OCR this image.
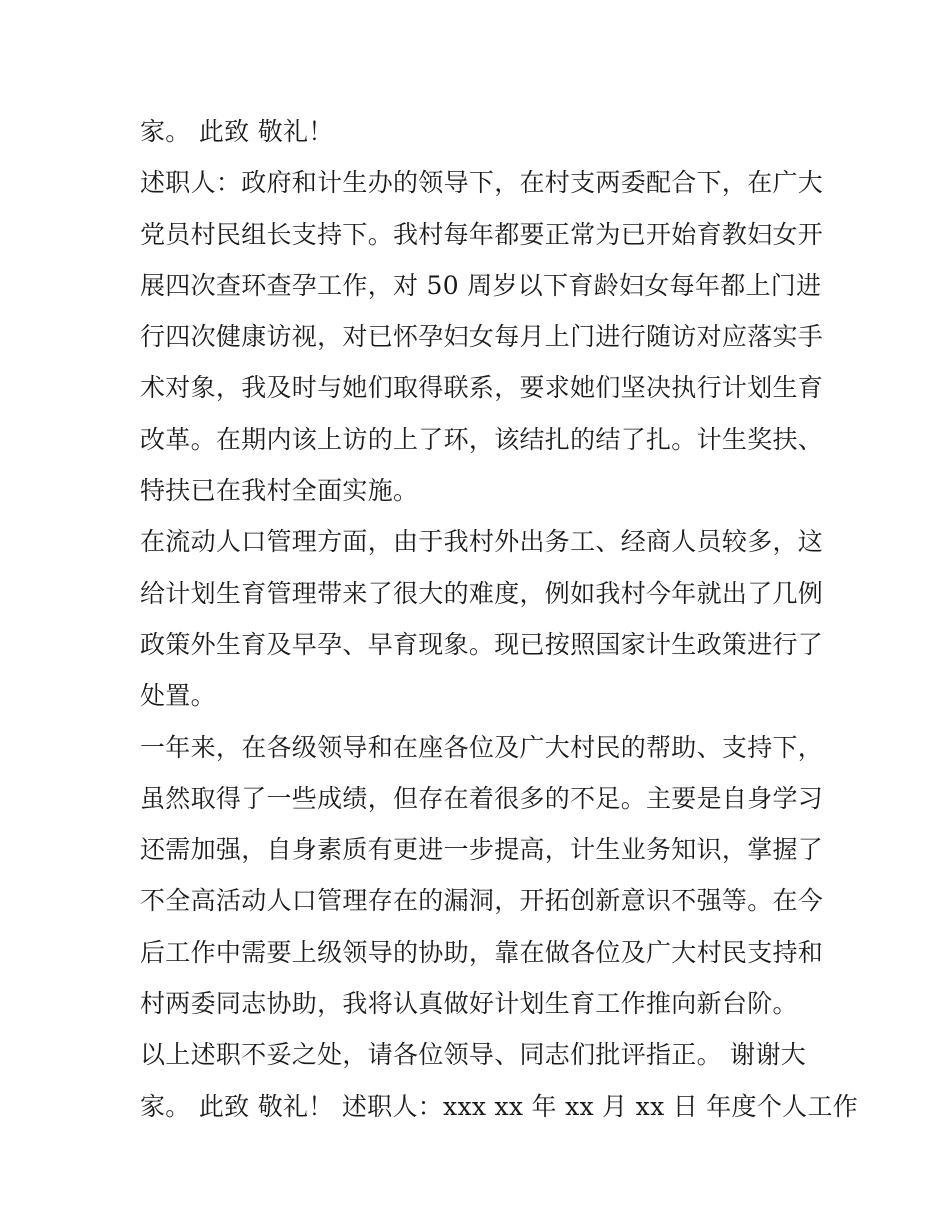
家。 此致 敬礼！
述职人：政府和计生办的领导下，在村支两委配合下，在广大
党员村民组长支持下。我村每年都要正常为已开始育教妇女开
展四次查环查孕工作，对 50 周岁以下育龄妇女每年都上门进
行四次健康访视，对已怀孕妇女每月上门进行随访对应落实手
术对象，我及时与她们取得联系，要求她们坚决执行计划生育
改革。在期内该上访的上了环，该结扎的结了扎。计生奖扶、
特扶已在我村全面实施。
在流动人口管理方面，由于我村外出务工、经商人员较多，这
给计划生育管理带来了很大的难度，例如我村今年就出了几例
政策外生育及早孕、早育现象。现已按照国家计生政策进行了
处置。
一年来，在各级领导和在座各位及广大村民的帮助、支持下，
虽然取得了一些成绩，但存在着很多的不足。主要是自身学习
还需加强，自身素质有更进一步提高，计生业务知识，掌握了
不全高活动人口管理存在的漏洞，开拓创新意识不强等。在今
后工作中需要上级领导的协助，靠在做各位及广大村民支持和
村两委同志协助，我将认真做好计划生育工作推向新台阶。
以上述职不妥之处，请各位领导、同志们批评指正。 谢谢大
家。 此致 敬礼！ 述职人：xxx xx 年 xx 月 xx 日 年度个人工作
